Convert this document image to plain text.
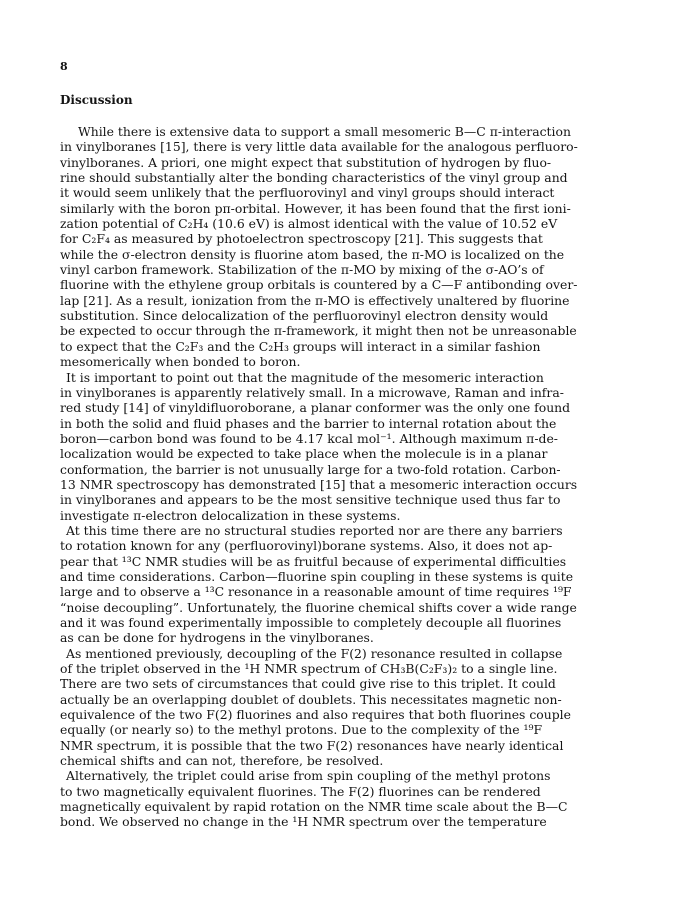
8
Discussion
While there is extensive data to support a small mesomeric B—C π-interaction
in vinylboranes [15], there is very little data available for the analogous perfluoro-
vinylboranes. A priori, one might expect that substitution of hydrogen by fluo-
rine should substantially alter the bonding characteristics of the vinyl group and
it would seem unlikely that the perfluorovinyl and vinyl groups should interact
similarly with the boron pπ-orbital. However, it has been found that the first ioni-
zation potential of C₂H₄ (10.6 eV) is almost identical with the value of 10.52 eV
for C₂F₄ as measured by photoelectron spectroscopy [21]. This suggests that
while the σ-electron density is fluorine atom based, the π-MO is localized on the
vinyl carbon framework. Stabilization of the π-MO by mixing of the σ-AO’s of
fluorine with the ethylene group orbitals is countered by a C—F antibonding over-
lap [21]. As a result, ionization from the π-MO is effectively unaltered by fluorine
substitution. Since delocalization of the perfluorovinyl electron density would
be expected to occur through the π-framework, it might then not be unreasonable
to expect that the C₂F₃ and the C₂H₃ groups will interact in a similar fashion
mesomerically when bonded to boron.
It is important to point out that the magnitude of the mesomeric interaction
in vinylboranes is apparently relatively small. In a microwave, Raman and infra-
red study [14] of vinyldifluoroborane, a planar conformer was the only one found
in both the solid and fluid phases and the barrier to internal rotation about the
boron—carbon bond was found to be 4.17 kcal mol⁻¹. Although maximum π-de-
localization would be expected to take place when the molecule is in a planar
conformation, the barrier is not unusually large for a two-fold rotation. Carbon-
13 NMR spectroscopy has demonstrated [15] that a mesomeric interaction occurs
in vinylboranes and appears to be the most sensitive technique used thus far to
investigate π-electron delocalization in these systems.
At this time there are no structural studies reported nor are there any barriers
to rotation known for any (perfluorovinyl)borane systems. Also, it does not ap-
pear that ¹³C NMR studies will be as fruitful because of experimental difficulties
and time considerations. Carbon—fluorine spin coupling in these systems is quite
large and to observe a ¹³C resonance in a reasonable amount of time requires ¹⁹F
“noise decoupling”. Unfortunately, the fluorine chemical shifts cover a wide range
and it was found experimentally impossible to completely decouple all fluorines
as can be done for hydrogens in the vinylboranes.
As mentioned previously, decoupling of the F(2) resonance resulted in collapse
of the triplet observed in the ¹H NMR spectrum of CH₃B(C₂F₃)₂ to a single line.
There are two sets of circumstances that could give rise to this triplet. It could
actually be an overlapping doublet of doublets. This necessitates magnetic non-
equivalence of the two F(2) fluorines and also requires that both fluorines couple
equally (or nearly so) to the methyl protons. Due to the complexity of the ¹⁹F
NMR spectrum, it is possible that the two F(2) resonances have nearly identical
chemical shifts and can not, therefore, be resolved.
Alternatively, the triplet could arise from spin coupling of the methyl protons
to two magnetically equivalent fluorines. The F(2) fluorines can be rendered
magnetically equivalent by rapid rotation on the NMR time scale about the B—C
bond. We observed no change in the ¹H NMR spectrum over the temperature
